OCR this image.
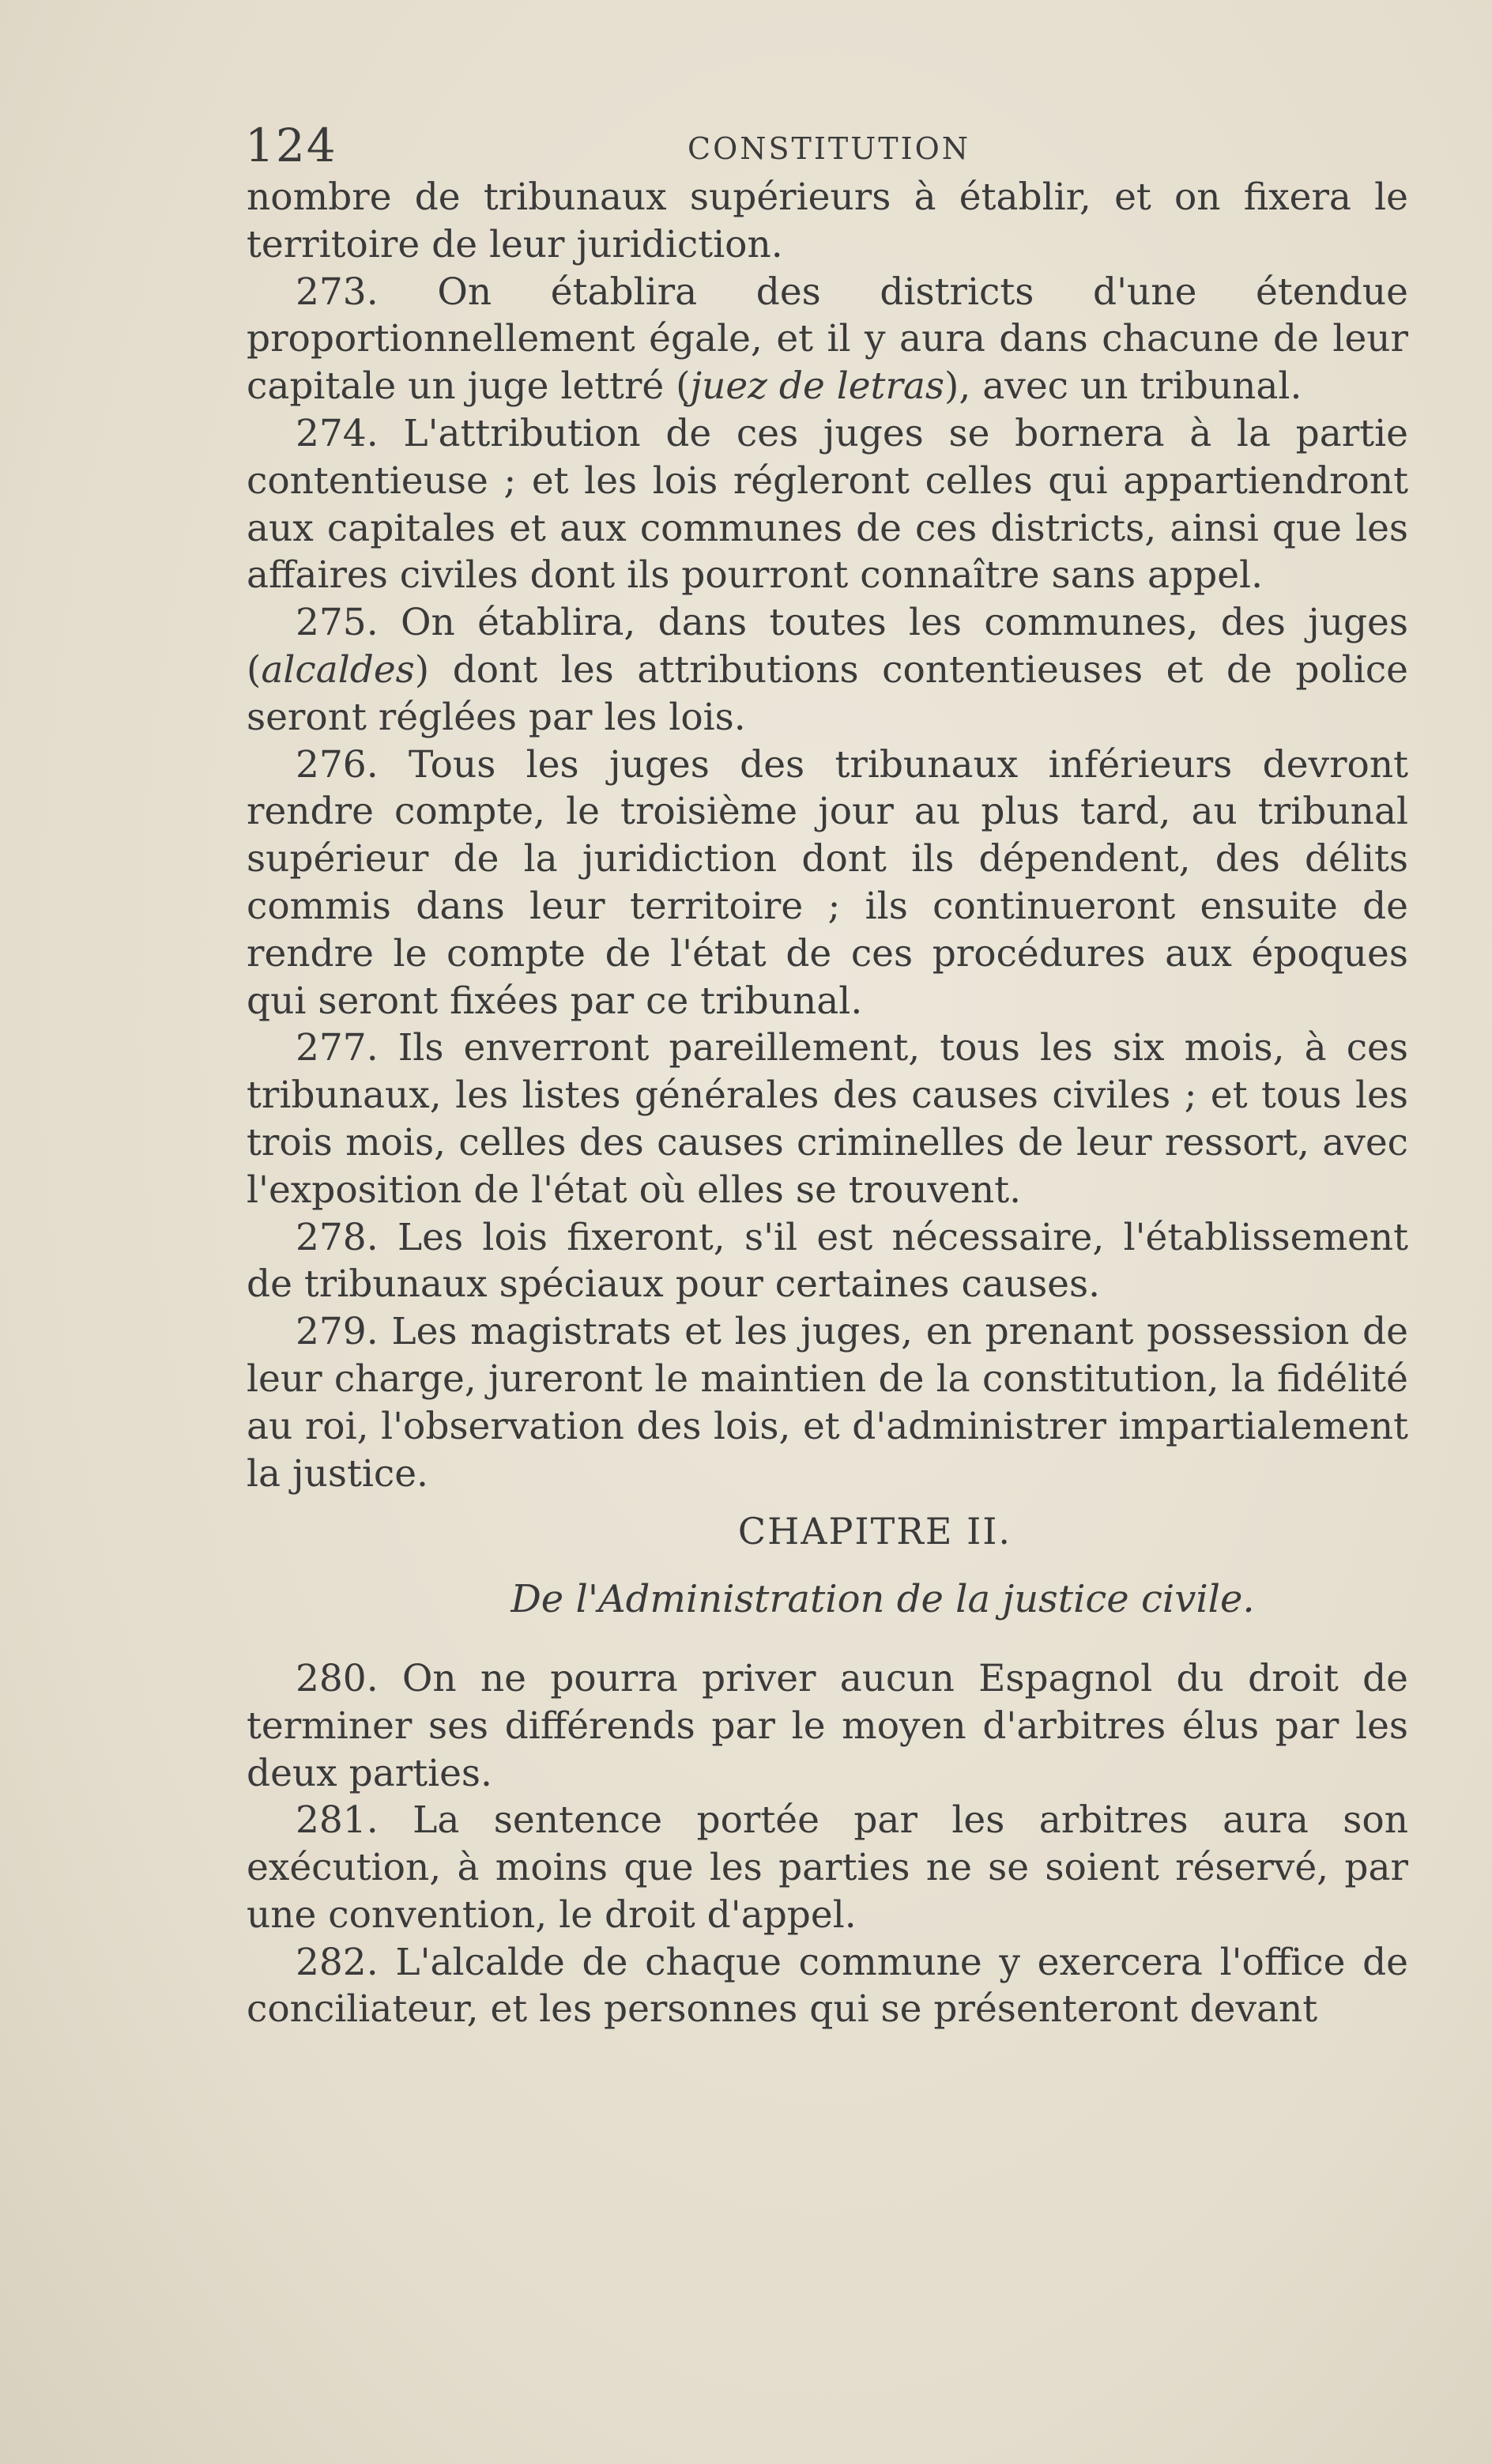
124	CONSTITUTION

nombre de tribunaux supérieurs à établir, et on fixera le territoire de leur juridiction.

273. On établira des districts d'une étendue proportionnellement égale, et il y aura dans chacune de leur capitale un juge lettré (juez de letras), avec un tribunal.

274. L'attribution de ces juges se bornera à la partie contentieuse ; et les lois régleront celles qui appartiendront aux capitales et aux communes de ces districts, ainsi que les affaires civiles dont ils pourront connaître sans appel.

275. On établira, dans toutes les communes, des juges (alcaldes) dont les attributions contentieuses et de police seront réglées par les lois.

276. Tous les juges des tribunaux inférieurs devront rendre compte, le troisième jour au plus tard, au tribunal supérieur de la juridiction dont ils dépendent, des délits commis dans leur territoire ; ils continueront ensuite de rendre le compte de l'état de ces procédures aux époques qui seront fixées par ce tribunal.

277. Ils enverront pareillement, tous les six mois, à ces tribunaux, les listes générales des causes civiles ; et tous les trois mois, celles des causes criminelles de leur ressort, avec l'exposition de l'état où elles se trouvent.

278. Les lois fixeront, s'il est nécessaire, l'établissement de tribunaux spéciaux pour certaines causes.

279. Les magistrats et les juges, en prenant possession de leur charge, jureront le maintien de la constitution, la fidélité au roi, l'observation des lois, et d'administrer impartialement la justice.

CHAPITRE II.

De l'Administration de la justice civile.

280. On ne pourra priver aucun Espagnol du droit de terminer ses différends par le moyen d'arbitres élus par les deux parties.

281. La sentence portée par les arbitres aura son exécution, à moins que les parties ne se soient réservé, par une convention, le droit d'appel.

282. L'alcalde de chaque commune y exercera l'office de conciliateur, et les personnes qui se présenteront devant
